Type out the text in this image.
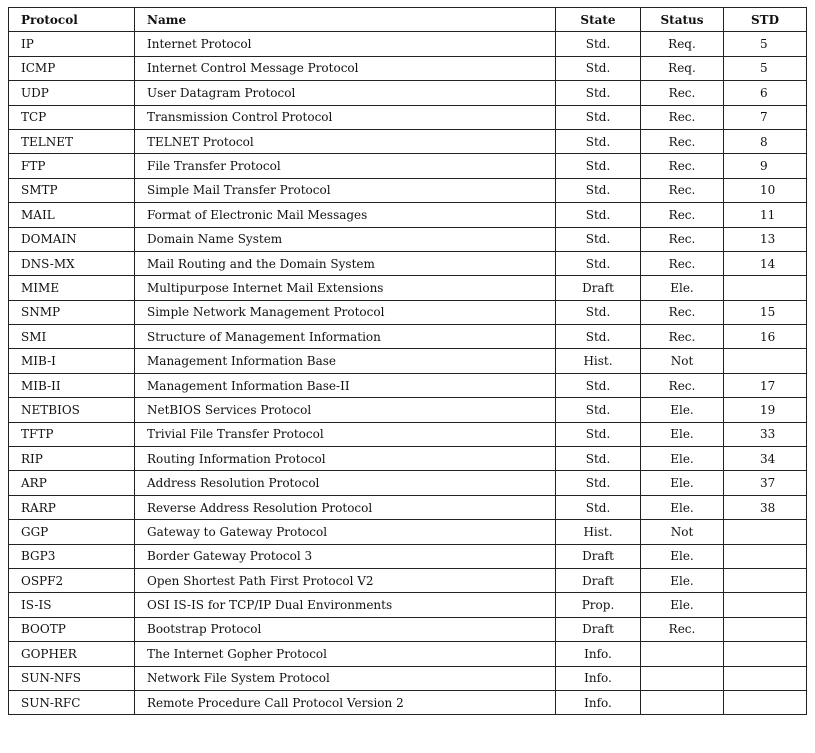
Protocol	Name	State	Status	STD
IP	Internet Protocol	Std.	Req.	5
ICMP	Internet Control Message Protocol	Std.	Req.	5
UDP	User Datagram Protocol	Std.	Rec.	6
TCP	Transmission Control Protocol	Std.	Rec.	7
TELNET	TELNET Protocol	Std.	Rec.	8
FTP	File Transfer Protocol	Std.	Rec.	9
SMTP	Simple Mail Transfer Protocol	Std.	Rec.	10
MAIL	Format of Electronic Mail Messages	Std.	Rec.	11
DOMAIN	Domain Name System	Std.	Rec.	13
DNS-MX	Mail Routing and the Domain System	Std.	Rec.	14
MIME	Multipurpose Internet Mail Extensions	Draft	Ele.	
SNMP	Simple Network Management Protocol	Std.	Rec.	15
SMI	Structure of Management Information	Std.	Rec.	16
MIB-I	Management Information Base	Hist.	Not	
MIB-II	Management Information Base-II	Std.	Rec.	17
NETBIOS	NetBIOS Services Protocol	Std.	Ele.	19
TFTP	Trivial File Transfer Protocol	Std.	Ele.	33
RIP	Routing Information Protocol	Std.	Ele.	34
ARP	Address Resolution Protocol	Std.	Ele.	37
RARP	Reverse Address Resolution Protocol	Std.	Ele.	38
GGP	Gateway to Gateway Protocol	Hist.	Not	
BGP3	Border Gateway Protocol 3	Draft	Ele.	
OSPF2	Open Shortest Path First Protocol V2	Draft	Ele.	
IS-IS	OSI IS-IS for TCP/IP Dual Environments	Prop.	Ele.	
BOOTP	Bootstrap Protocol	Draft	Rec.	
GOPHER	The Internet Gopher Protocol	Info.		
SUN-NFS	Network File System Protocol	Info.		
SUN-RFC	Remote Procedure Call Protocol Version 2	Info.		
